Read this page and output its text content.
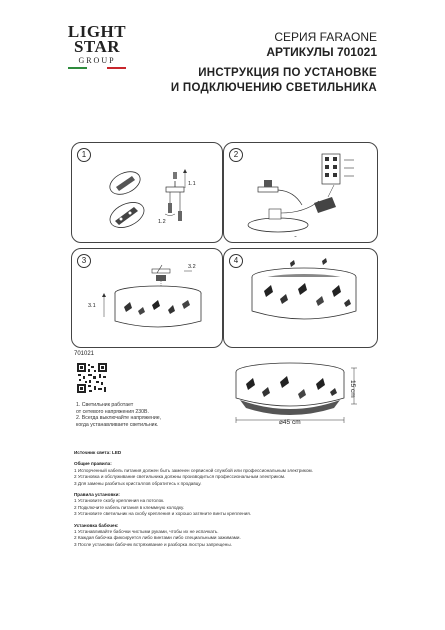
LIGHT
STAR
GROUP
СЕРИЯ FARAONE
АРТИКУЛЫ 701021
ИНСТРУКЦИЯ ПО УСТАНОВКЕ
И ПОДКЛЮЧЕНИЮ СВЕТИЛЬНИКА
1.1
1.2
1
~
2
3.2
3.1
3	4
701021
1. Светильник работает
от сетевого напряжения 230В.
2. Всегда выключайте напряжение,
когда устанавливаете светильник.	⌀45 cm
15 cm
Источник света: LED
Общие правила:
1 Испорченный кабель питания должен быть заменен сервисной службой или профессиональным электриком.
2 Установка и обслуживание светильника должны производиться профессиональным электриком.
3 Для замены разбитых кристаллов обратитесь к продавцу.
Правила установки:
1 Установите скобу крепления на потолок.
2 Подключите кабель питания в клеммную колодку.
3 Установите светильник на скобу крепления и хорошо затяните винты крепления.
Установка бабочек:
1 Устанавливайте бабочки чистыми руками, чтобы их не испачкать.
2 Каждая бабочка фиксируется либо винтами либо специальными зажимами.
3 После установки бабочек встряхивание и разборка люстры запрещены.
